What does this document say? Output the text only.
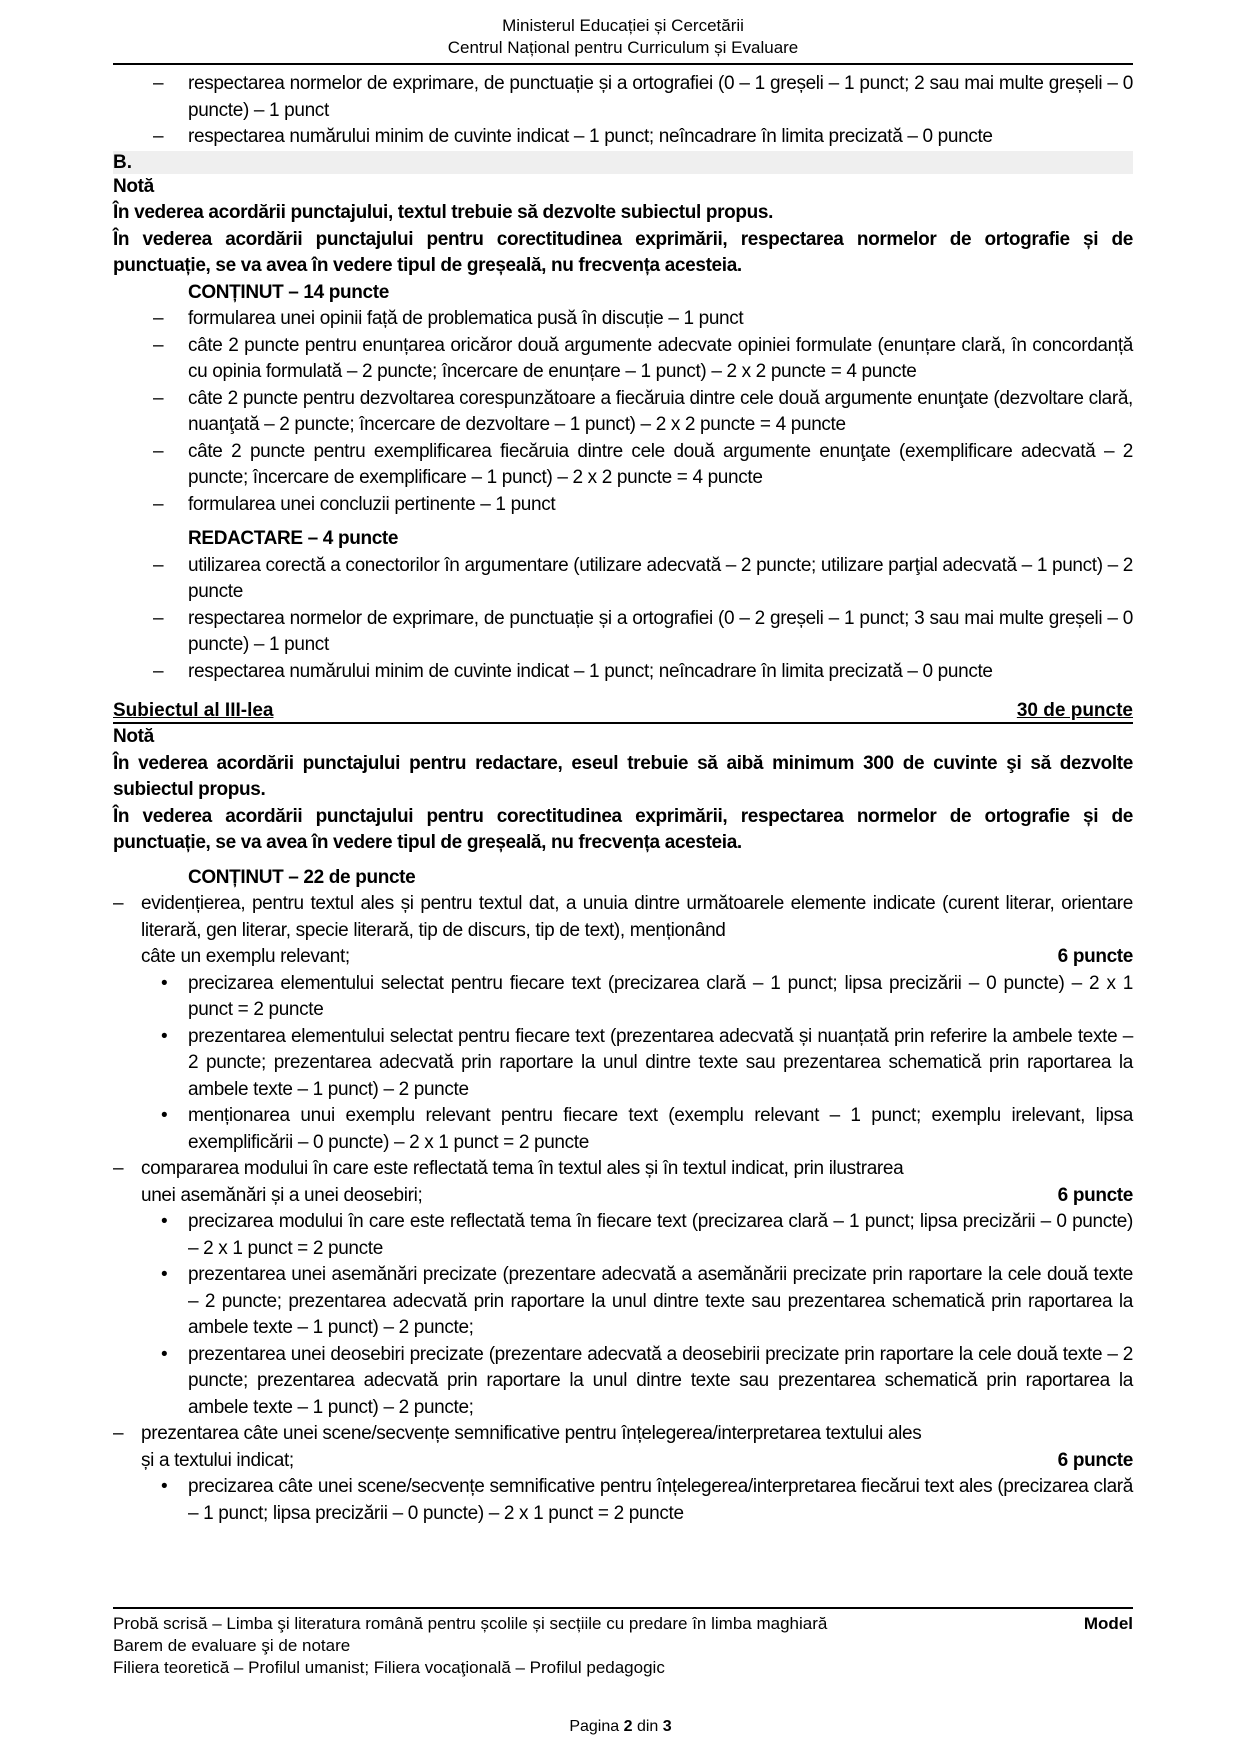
Ministerul Educației și Cercetării
Centrul Național pentru Curriculum și Evaluare
– respectarea normelor de exprimare, de punctuație și a ortografiei (0 – 1 greșeli – 1 punct; 2 sau mai multe greșeli – 0 puncte) – 1 punct
– respectarea numărului minim de cuvinte indicat – 1 punct; neîncadrare în limita precizată – 0 puncte
B.
Notă
În vederea acordării punctajului, textul trebuie să dezvolte subiectul propus.
În vederea acordării punctajului pentru corectitudinea exprimării, respectarea normelor de ortografie și de punctuație, se va avea în vedere tipul de greșeală, nu frecvența acesteia.
CONȚINUT – 14 puncte
– formularea unei opinii față de problematica pusă în discuție – 1 punct
– câte 2 puncte pentru enunțarea oricăror două argumente adecvate opiniei formulate (enunțare clară, în concordanță cu opinia formulată – 2 puncte; încercare de enunțare – 1 punct) – 2 x 2 puncte = 4 puncte
– câte 2 puncte pentru dezvoltarea corespunzătoare a fiecăruia dintre cele două argumente enunţate (dezvoltare clară, nuanţată – 2 puncte; încercare de dezvoltare – 1 punct) – 2 x 2 puncte = 4 puncte
– câte 2 puncte pentru exemplificarea fiecăruia dintre cele două argumente enunţate (exemplificare adecvată – 2 puncte; încercare de exemplificare – 1 punct) – 2 x 2 puncte = 4 puncte
– formularea unei concluzii pertinente – 1 punct
REDACTARE – 4 puncte
– utilizarea corectă a conectorilor în argumentare (utilizare adecvată – 2 puncte; utilizare parţial adecvată – 1 punct) – 2 puncte
– respectarea normelor de exprimare, de punctuație și a ortografiei (0 – 2 greșeli – 1 punct; 3 sau mai multe greșeli – 0 puncte) – 1 punct
– respectarea numărului minim de cuvinte indicat – 1 punct; neîncadrare în limita precizată – 0 puncte
Subiectul al III-lea	30 de puncte
Notă
În vederea acordării punctajului pentru redactare, eseul trebuie să aibă minimum 300 de cuvinte şi să dezvolte subiectul propus.
În vederea acordării punctajului pentru corectitudinea exprimării, respectarea normelor de ortografie și de punctuație, se va avea în vedere tipul de greșeală, nu frecvența acesteia.
CONȚINUT – 22 de puncte
– evidențierea, pentru textul ales și pentru textul dat, a unuia dintre următoarele elemente indicate (curent literar, orientare literară, gen literar, specie literară, tip de discurs, tip de text), menționând
câte un exemplu relevant;	6 puncte
• precizarea elementului selectat pentru fiecare text (precizarea clară – 1 punct; lipsa precizării – 0 puncte) – 2 x 1 punct = 2 puncte
• prezentarea elementului selectat pentru fiecare text (prezentarea adecvată și nuanțată prin referire la ambele texte – 2 puncte; prezentarea adecvată prin raportare la unul dintre texte sau prezentarea schematică prin raportarea la ambele texte – 1 punct) – 2 puncte
• menționarea unui exemplu relevant pentru fiecare text (exemplu relevant – 1 punct; exemplu irelevant, lipsa exemplificării – 0 puncte) – 2 x 1 punct = 2 puncte
– compararea modului în care este reflectată tema în textul ales și în textul indicat, prin ilustrarea
unei asemănări și a unei deosebiri;	6 puncte
• precizarea modului în care este reflectată tema în fiecare text (precizarea clară – 1 punct; lipsa precizării – 0 puncte) – 2 x 1 punct = 2 puncte
• prezentarea unei asemănări precizate (prezentare adecvată a asemănării precizate prin raportare la cele două texte – 2 puncte; prezentarea adecvată prin raportare la unul dintre texte sau prezentarea schematică prin raportarea la ambele texte – 1 punct) – 2 puncte;
• prezentarea unei deosebiri precizate (prezentare adecvată a deosebirii precizate prin raportare la cele două texte – 2 puncte; prezentarea adecvată prin raportare la unul dintre texte sau prezentarea schematică prin raportarea la ambele texte – 1 punct) – 2 puncte;
– prezentarea câte unei scene/secvențe semnificative pentru înțelegerea/interpretarea textului ales
și a textului indicat;	6 puncte
• precizarea câte unei scene/secvențe semnificative pentru înțelegerea/interpretarea fiecărui text ales (precizarea clară – 1 punct; lipsa precizării – 0 puncte) – 2 x 1 punct = 2 puncte
Probă scrisă – Limba şi literatura română pentru școlile și secțiile cu predare în limba maghiară	Model
Barem de evaluare şi de notare
Filiera teoretică – Profilul umanist; Filiera vocaţională – Profilul pedagogic
Pagina 2 din 3
